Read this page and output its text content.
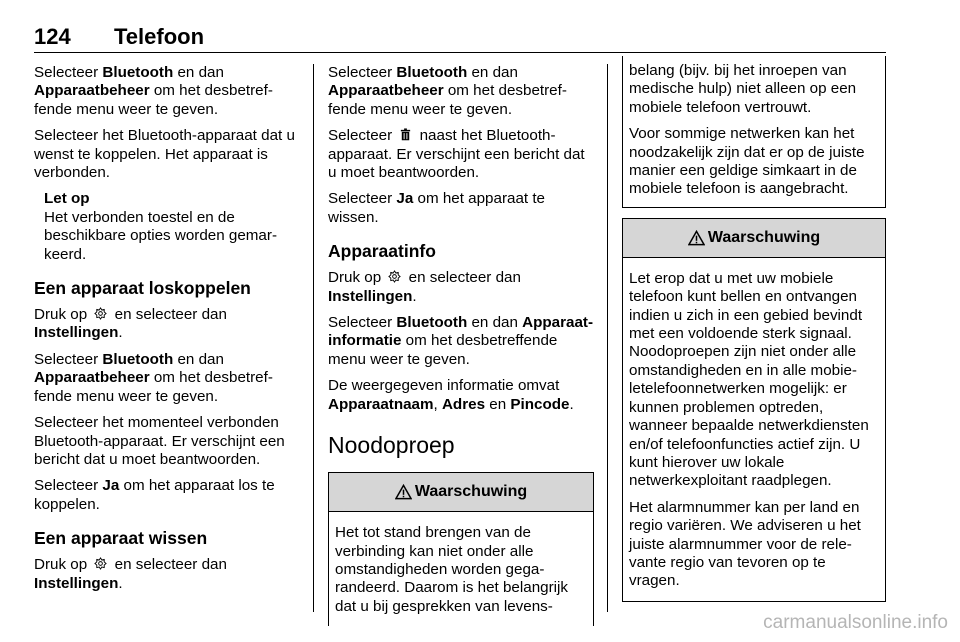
124 Telefoon

Selecteer Bluetooth en dan
Apparaatbeheer om het desbetreffende menu weer te geven.

Selecteer het Bluetooth-apparaat dat u wenst te koppelen. Het apparaat is verbonden.

Let op
Het verbonden toestel en de beschikbare opties worden gemarkeerd.
Een apparaat loskoppelen

Druk op  en selecteer dan
Instellingen.

Selecteer Bluetooth en dan
Apparaatbeheer om het desbetreffende menu weer te geven.

Selecteer het momenteel verbonden Bluetooth-apparaat. Er verschijnt een bericht dat u moet beantwoorden.

Selecteer Ja om het apparaat los te koppelen.

Een apparaat wissen

Druk op  en selecteer dan
Instellingen.

Selecteer Bluetooth en dan
Apparaatbeheer om het desbetreffende menu weer te geven.

Selecteer  naast het Bluetooth-apparaat. Er verschijnt een bericht dat u moet beantwoorden.

Selecteer Ja om het apparaat te wissen.

Apparaatinfo

Druk op  en selecteer dan
Instellingen.

Selecteer Bluetooth en dan Apparaatinformatie om het desbetreffende menu weer te geven.

De weergegeven informatie omvat Apparaatnaam, Adres en Pincode.

Noodoproep
Waarschuwing

Het tot stand brengen van de verbinding kan niet onder alle omstandigheden worden gegarandeerd. Daarom is het belangrijk dat u bij gesprekken van levens-

belang (bijv. bij het inroepen van medische hulp) niet alleen op een mobiele telefoon vertrouwt.

Voor sommige netwerken kan het noodzakelijk zijn dat er op de juiste manier een geldige simkaart in de mobiele telefoon is aangebracht.

Waarschuwing

Let erop dat u met uw mobiele telefoon kunt bellen en ontvangen indien u zich in een gebied bevindt met een voldoende sterk signaal. Noodoproepen zijn niet onder alle omstandigheden en in alle mobieletelefoonnetwerken mogelijk: er kunnen problemen optreden, wanneer bepaalde netwerkdiensten en/of telefoonfuncties actief zijn. U kunt hierover uw lokale netwerkexploitant raadplegen.

Het alarmnummer kan per land en regio variëren. We adviseren u het juiste alarmnummer voor de relevante regio van tevoren op te vragen.

carmanualsonline.info
